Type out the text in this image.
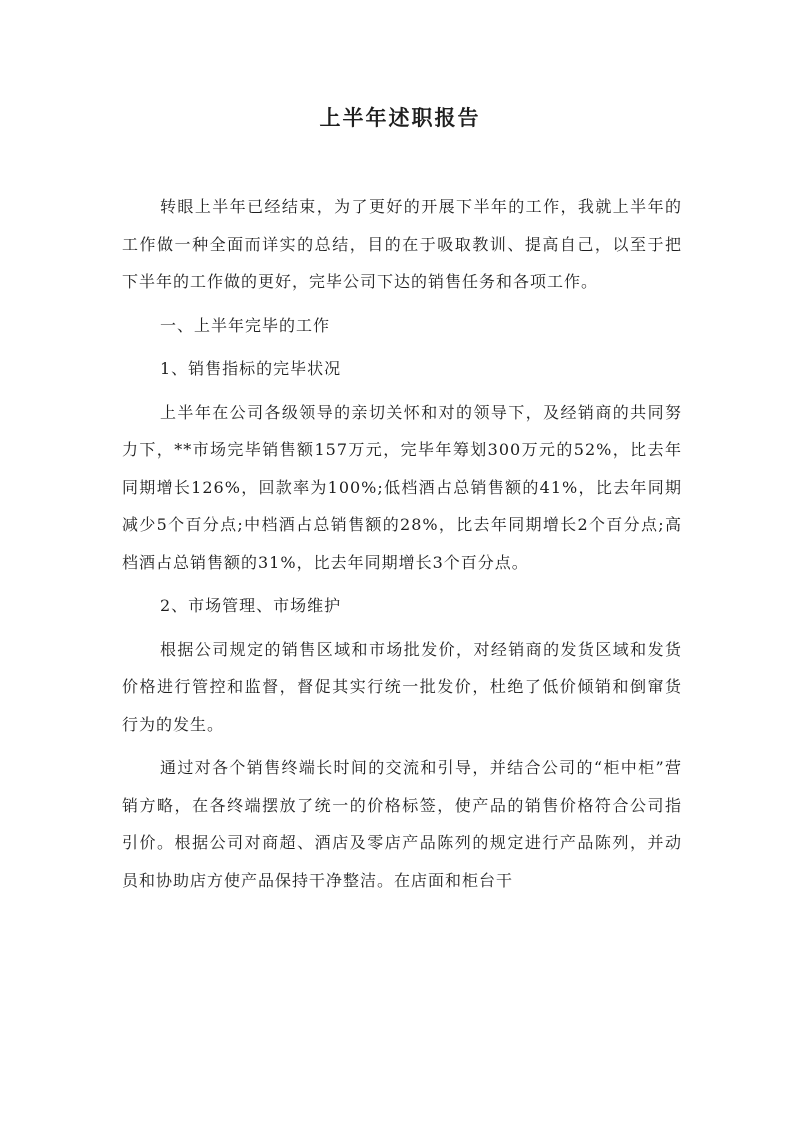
上半年述职报告

转眼上半年已经结束，为了更好的开展下半年的工作，我就上半年的工作做一种全面而详实的总结，目的在于吸取教训、提高自己，以至于把下半年的工作做的更好，完毕公司下达的销售任务和各项工作。

一、上半年完毕的工作

1、销售指标的完毕状况

上半年在公司各级领导的亲切关怀和对的领导下，及经销商的共同努力下，**市场完毕销售额157万元，完毕年筹划300万元的52%，比去年同期增长126%，回款率为100%;低档酒占总销售额的41%，比去年同期减少5个百分点;中档酒占总销售额的28%，比去年同期增长2个百分点;高档酒占总销售额的31%，比去年同期增长3个百分点。

2、市场管理、市场维护

根据公司规定的销售区域和市场批发价，对经销商的发货区域和发货价格进行管控和监督，督促其实行统一批发价，杜绝了低价倾销和倒窜货行为的发生。

通过对各个销售终端长时间的交流和引导，并结合公司的“柜中柜”营销方略，在各终端摆放了统一的价格标签，使产品的销售价格符合公司指引价。根据公司对商超、酒店及零店产品陈列的规定进行产品陈列，并动员和协助店方使产品保持干净整洁。在店面和柜台干
